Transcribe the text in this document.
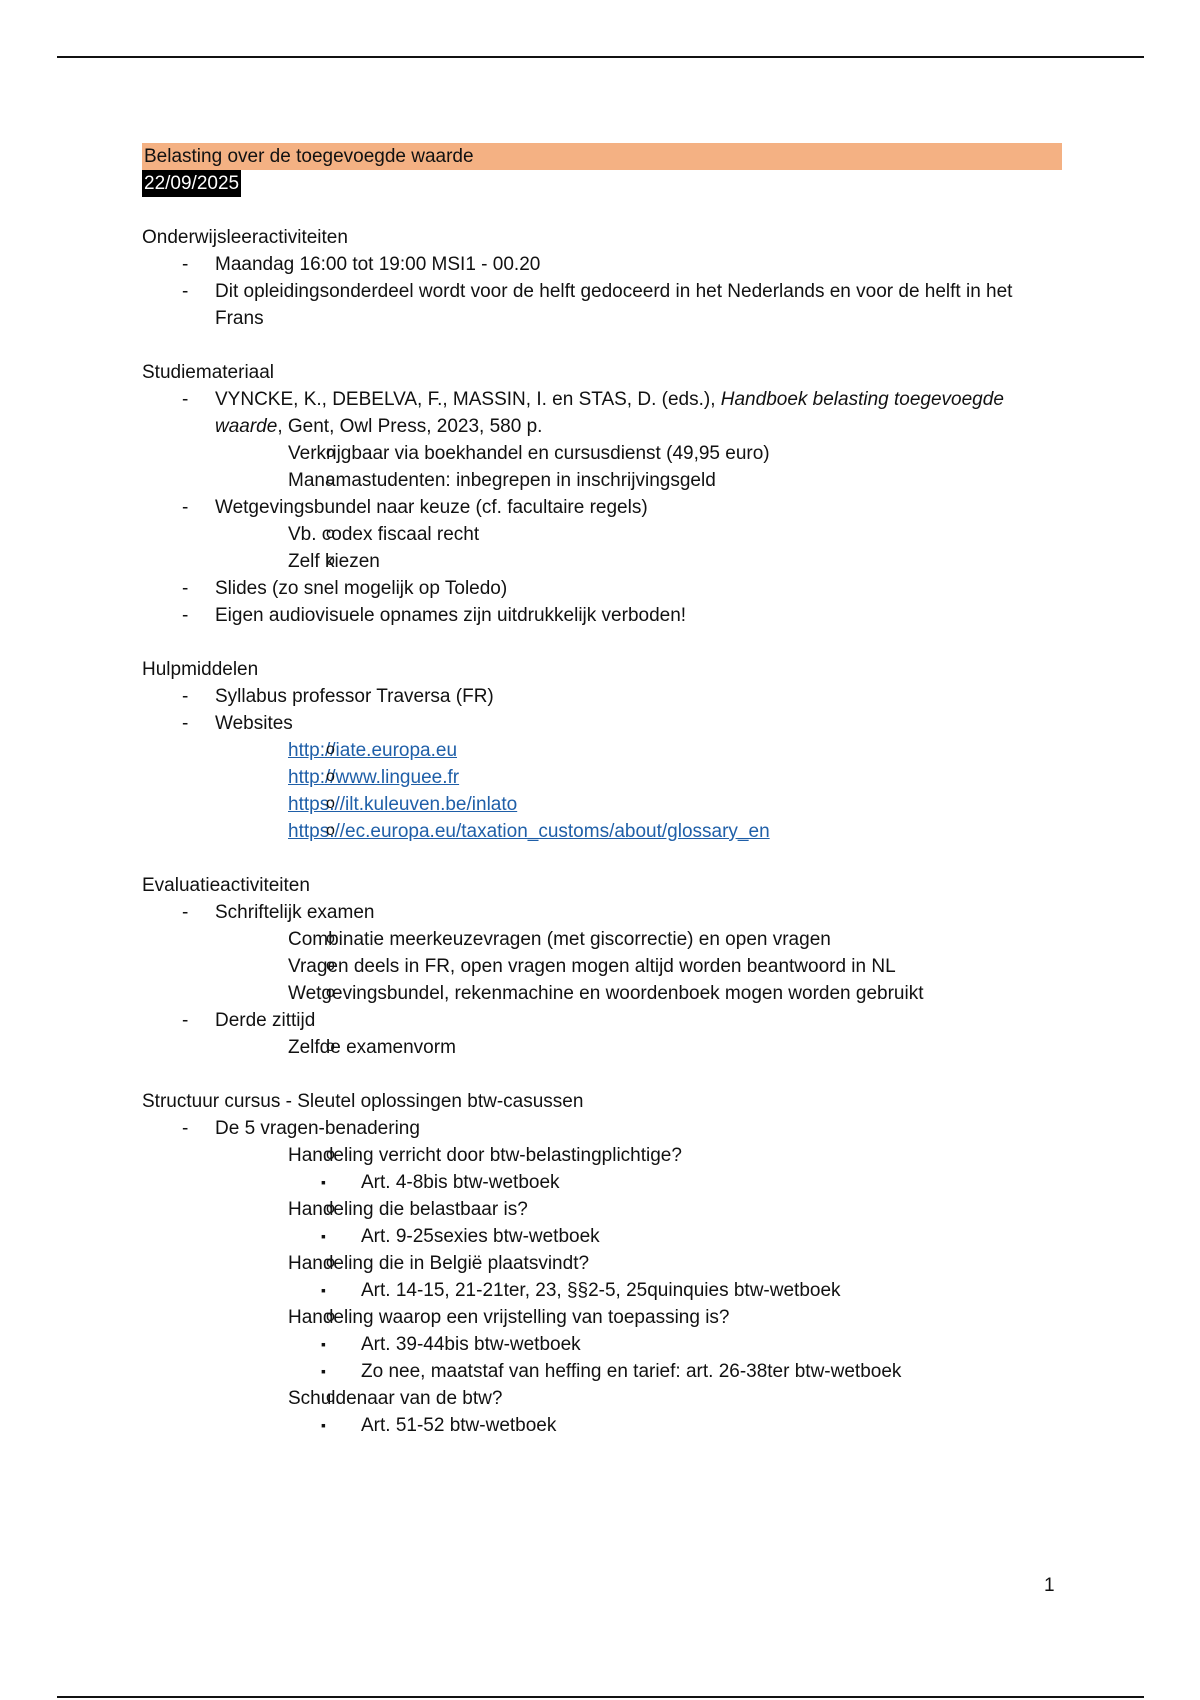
Belasting over de toegevoegde waarde
22/09/2025
Onderwijsleeractiviteiten
- Maandag 16:00 tot 19:00 MSI1 - 00.20
- Dit opleidingsonderdeel wordt voor de helft gedoceerd in het Nederlands en voor de helft in het Frans
Studiemateriaal
- VYNCKE, K., DEBELVA, F., MASSIN, I. en STAS, D. (eds.), Handboek belasting toegevoegde waarde, Gent, Owl Press, 2023, 580 p.
o Verkrijgbaar via boekhandel en cursusdienst (49,95 euro)
o Manamastudenten: inbegrepen in inschrijvingsgeld
- Wetgevingsbundel naar keuze (cf. facultaire regels)
o Vb. codex fiscaal recht
o Zelf kiezen
- Slides (zo snel mogelijk op Toledo)
- Eigen audiovisuele opnames zijn uitdrukkelijk verboden!
Hulpmiddelen
- Syllabus professor Traversa (FR)
- Websites
o http://iate.europa.eu
o http://www.linguee.fr
o https://ilt.kuleuven.be/inlato
o https://ec.europa.eu/taxation_customs/about/glossary_en
Evaluatieactiviteiten
- Schriftelijk examen
o Combinatie meerkeuzevragen (met giscorrectie) en open vragen
o Vragen deels in FR, open vragen mogen altijd worden beantwoord in NL
o Wetgevingsbundel, rekenmachine en woordenboek mogen worden gebruikt
- Derde zittijd
o Zelfde examenvorm
Structuur cursus - Sleutel oplossingen btw-casussen
- De 5 vragen-benadering
o Handeling verricht door btw-belastingplichtige?
▪ Art. 4-8bis btw-wetboek
o Handeling die belastbaar is?
▪ Art. 9-25sexies btw-wetboek
o Handeling die in België plaatsvindt?
▪ Art. 14-15, 21-21ter, 23, §§2-5, 25quinquies btw-wetboek
o Handeling waarop een vrijstelling van toepassing is?
▪ Art. 39-44bis btw-wetboek
▪ Zo nee, maatstaf van heffing en tarief: art. 26-38ter btw-wetboek
o Schuldenaar van de btw?
▪ Art. 51-52 btw-wetboek
1
